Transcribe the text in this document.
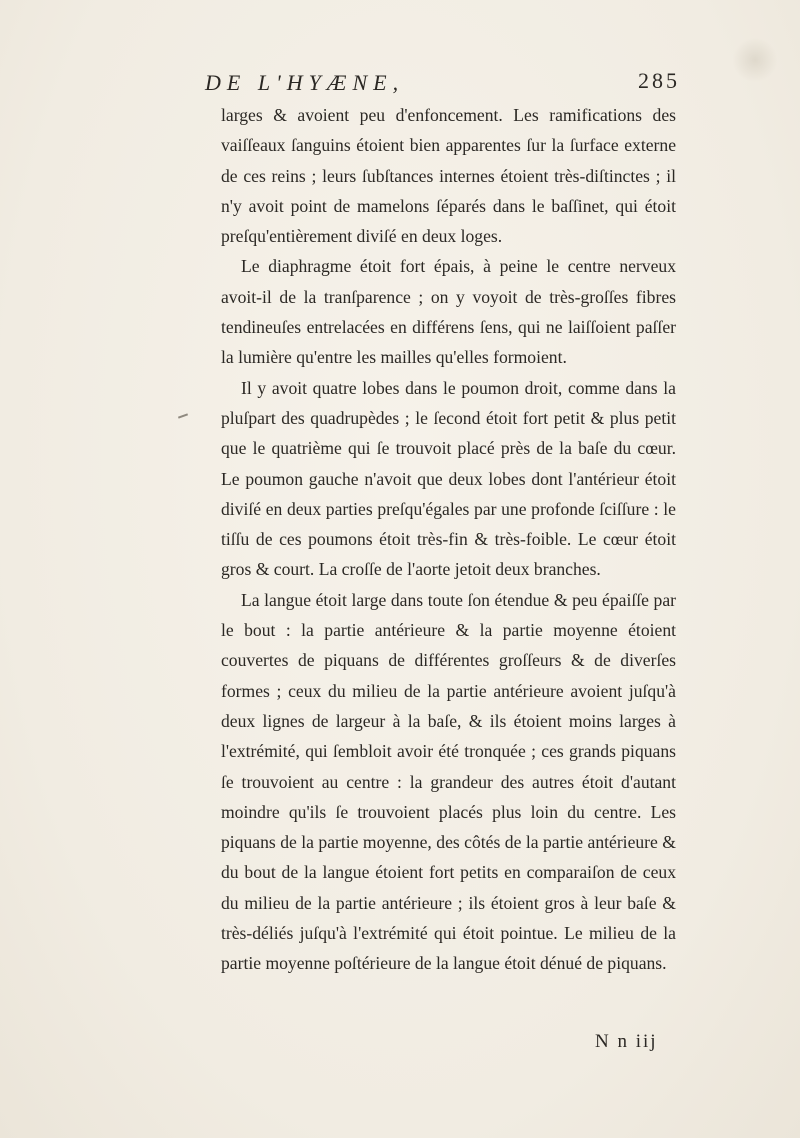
DE L'HYÆNE,	285

larges & avoient peu d'enfoncement. Les ramifications des vaiſſeaux ſanguins étoient bien apparentes ſur la ſurface externe de ces reins ; leurs ſubſtances internes étoient très-diſtinctes ; il n'y avoit point de mamelons ſéparés dans le baſſinet, qui étoit preſqu'entièrement diviſé en deux loges.

Le diaphragme étoit fort épais, à peine le centre nerveux avoit-il de la tranſparence ; on y voyoit de très-groſſes fibres tendineuſes entrelacées en différens ſens, qui ne laiſſoient paſſer la lumière qu'entre les mailles qu'elles formoient.

Il y avoit quatre lobes dans le poumon droit, comme dans la pluſpart des quadrupèdes ; le ſecond étoit fort petit & plus petit que le quatrième qui ſe trouvoit placé près de la baſe du cœur. Le poumon gauche n'avoit que deux lobes dont l'antérieur étoit diviſé en deux parties preſqu'égales par une profonde ſciſſure : le tiſſu de ces poumons étoit très-fin & très-foible. Le cœur étoit gros & court. La croſſe de l'aorte jetoit deux branches.

La langue étoit large dans toute ſon étendue & peu épaiſſe par le bout : la partie antérieure & la partie moyenne étoient couvertes de piquans de différentes groſſeurs & de diverſes formes ; ceux du milieu de la partie antérieure avoient juſqu'à deux lignes de largeur à la baſe, & ils étoient moins larges à l'extrémité, qui ſembloit avoir été tronquée ; ces grands piquans ſe trouvoient au centre : la grandeur des autres étoit d'autant moindre qu'ils ſe trouvoient placés plus loin du centre. Les piquans de la partie moyenne, des côtés de la partie antérieure & du bout de la langue étoient fort petits en comparaiſon de ceux du milieu de la partie antérieure ; ils étoient gros à leur baſe & très-déliés juſqu'à l'extrémité qui étoit pointue. Le milieu de la partie moyenne poſtérieure de la langue étoit dénué de piquans.

N n iij
